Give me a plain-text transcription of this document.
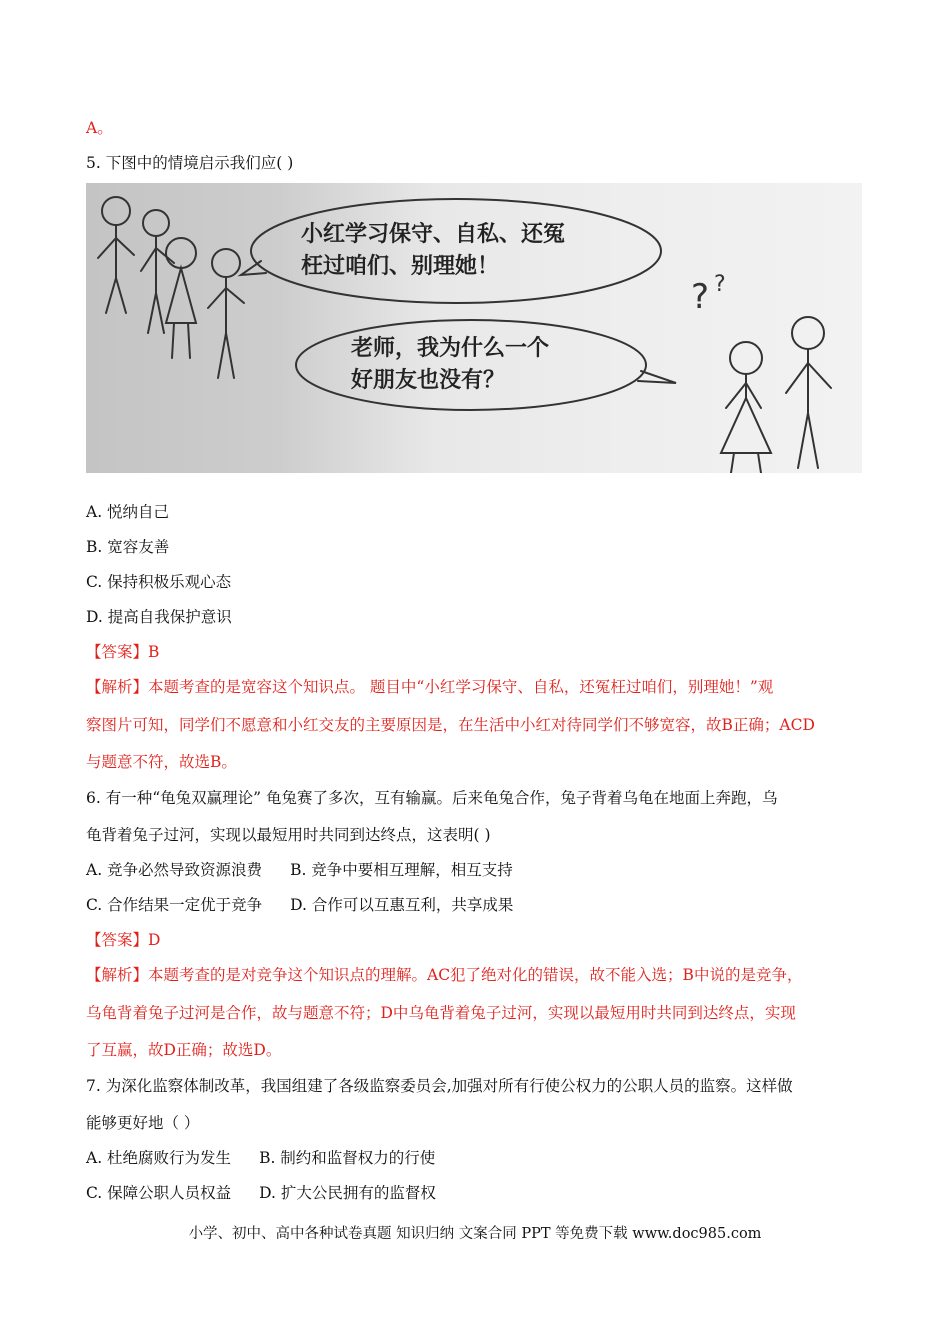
A。
5. 下图中的情境启示我们应( )
? ?
小红学习保守、自私、还冤
枉过咱们、别理她！
老师，我为什么一个
好朋友也没有？
A. 悦纳自己
B. 宽容友善
C. 保持积极乐观心态
D. 提高自我保护意识
【答案】B
【解析】本题考查的是宽容这个知识点。 题目中“小红学习保守、自私，还冤枉过咱们，别理她！”观
察图片可知，同学们不愿意和小红交友的主要原因是，在生活中小红对待同学们不够宽容，故B正确；ACD
与题意不符，故选B。
6. 有一种“龟兔双赢理论” 龟兔赛了多次，互有输赢。后来龟兔合作，兔子背着乌龟在地面上奔跑，乌
龟背着兔子过河，实现以最短用时共同到达终点，这表明( )
A. 竞争必然导致资源浪费 B. 竞争中要相互理解，相互支持
C. 合作结果一定优于竞争 D. 合作可以互惠互利，共享成果
【答案】D
【解析】本题考查的是对竞争这个知识点的理解。AC犯了绝对化的错误，故不能入选；B中说的是竞争，
乌龟背着兔子过河是合作，故与题意不符；D中乌龟背着兔子过河，实现以最短用时共同到达终点，实现
了互赢，故D正确；故选D。
7. 为深化监察体制改革，我国组建了各级监察委员会,加强对所有行使公权力的公职人员的监察。这样做
能够更好地（ ）
A. 杜绝腐败行为发生 B. 制约和监督权力的行使
C. 保障公职人员权益 D. 扩大公民拥有的监督权
小学、初中、高中各种试卷真题 知识归纳 文案合同 PPT 等免费下载 www.doc985.com
